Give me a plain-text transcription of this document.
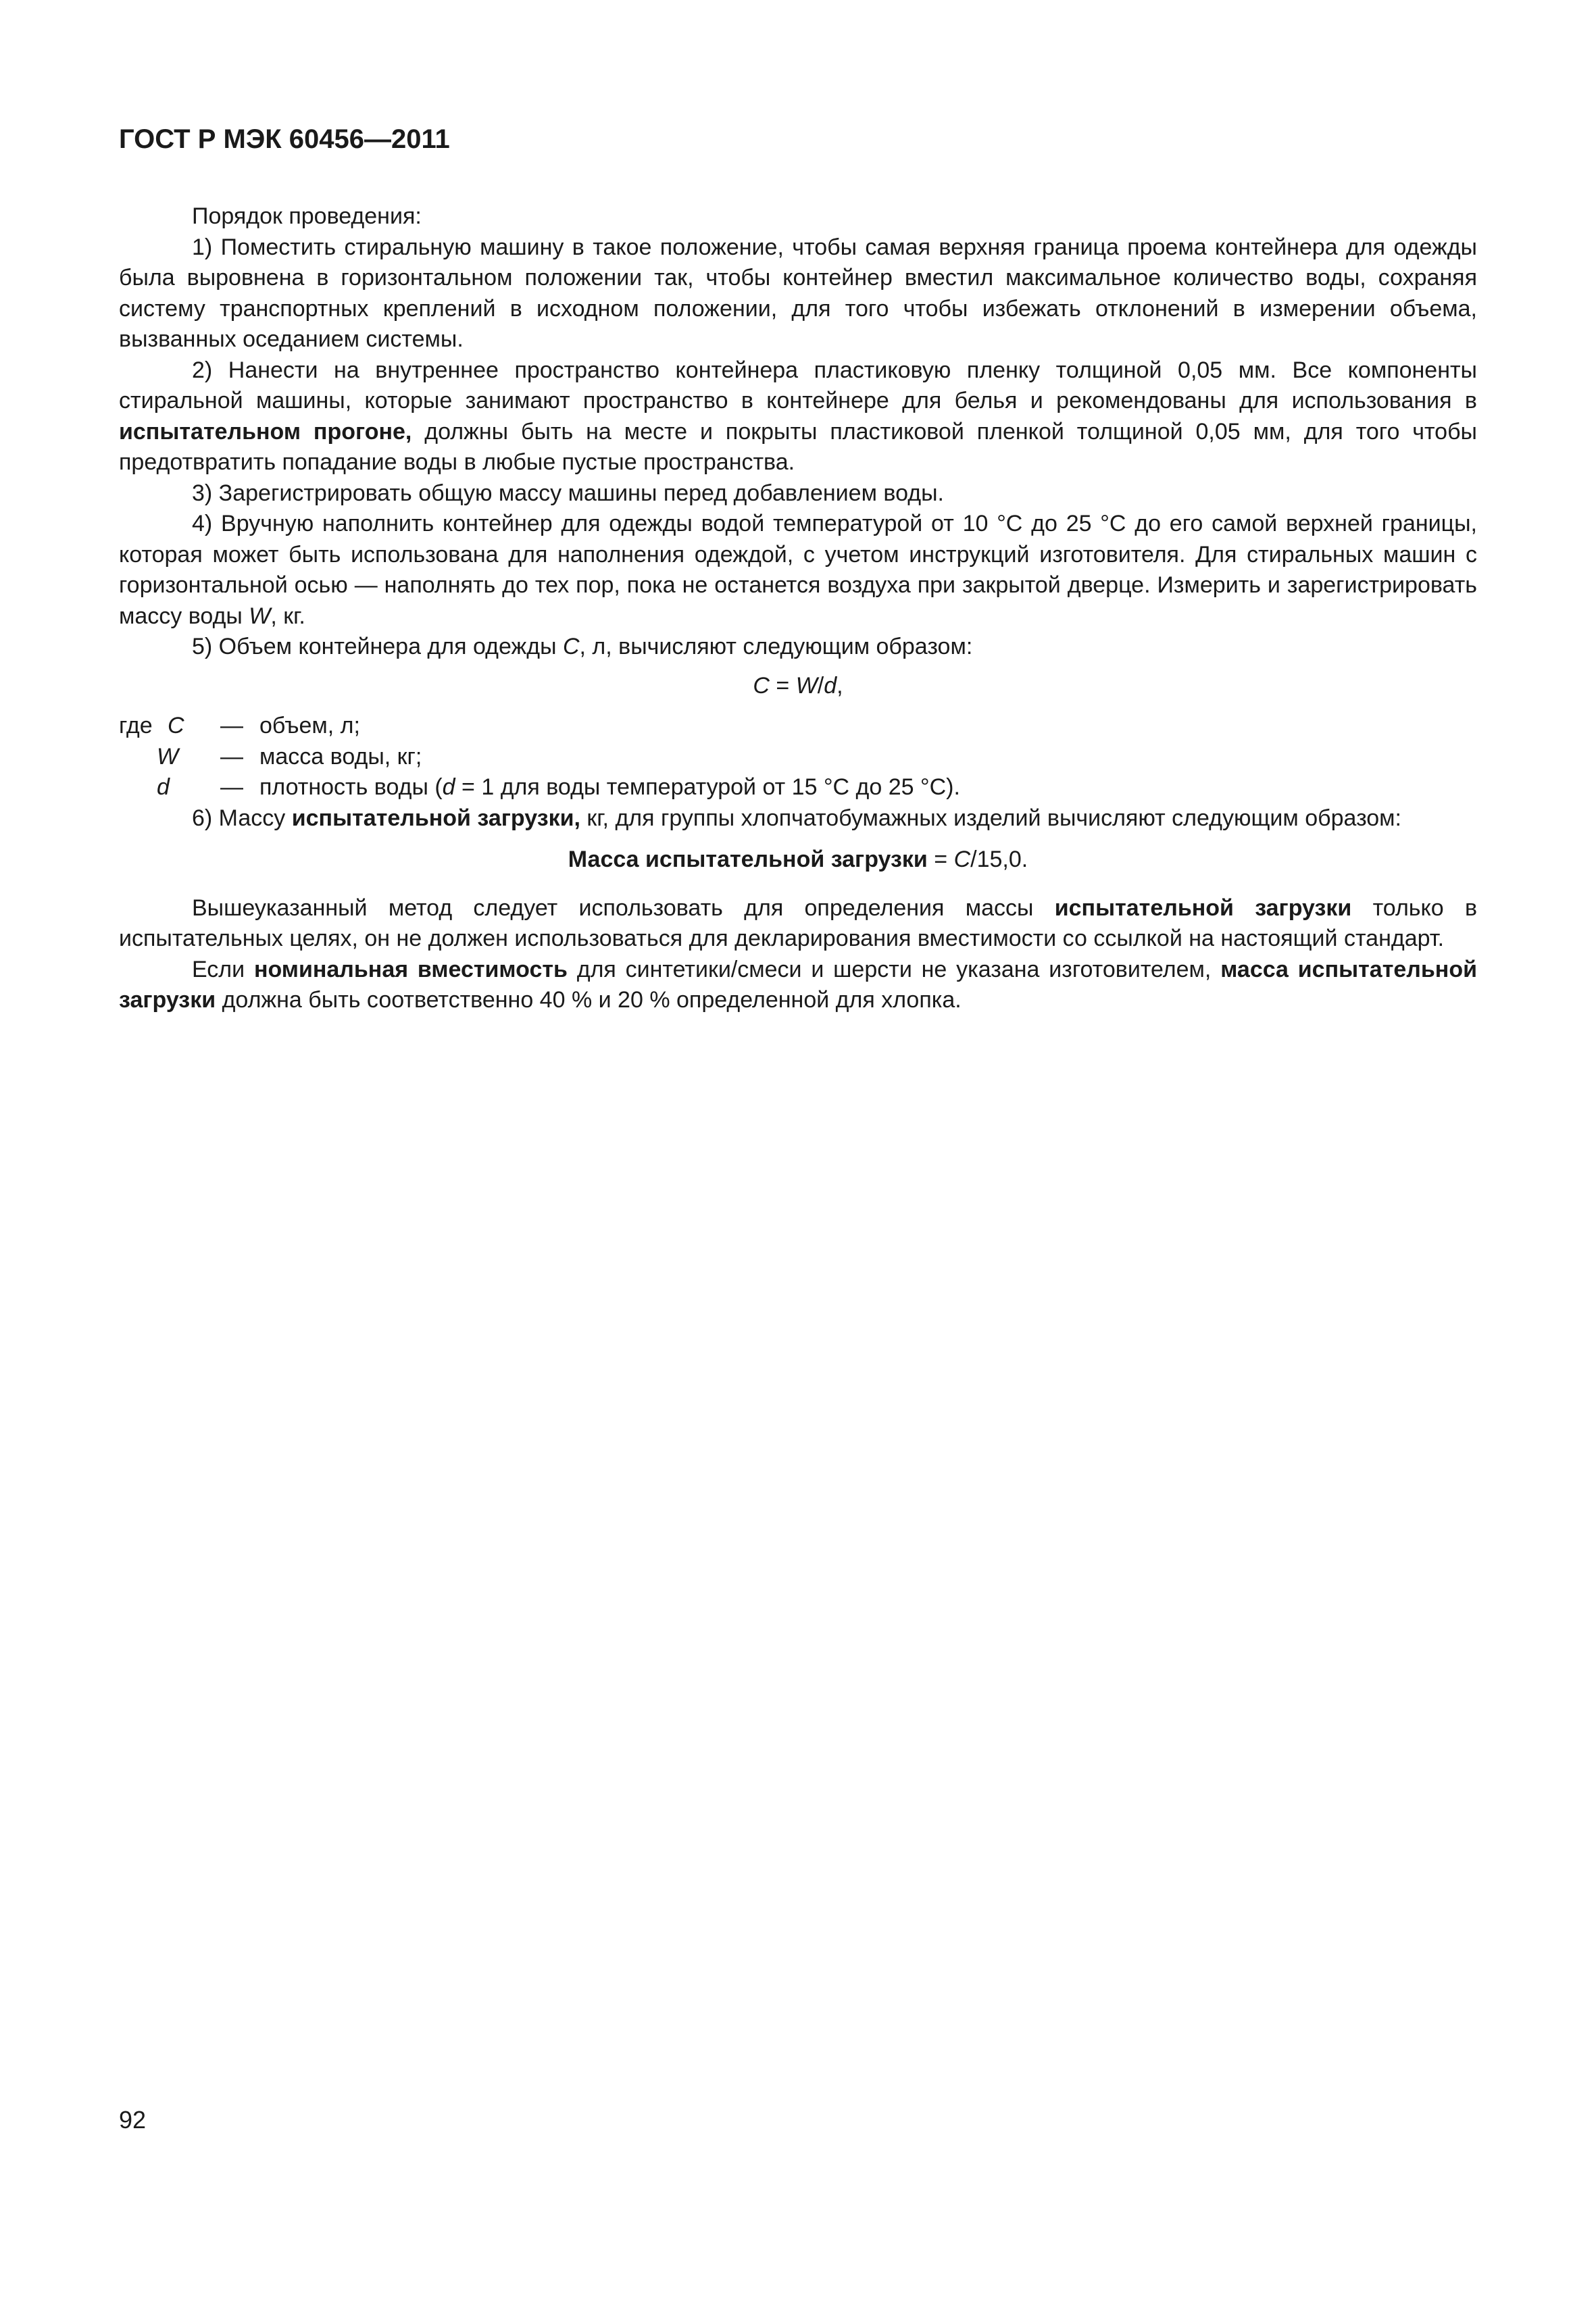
ГОСТ Р МЭК 60456—2011

Порядок проведения:

1) Поместить стиральную машину в такое положение, чтобы самая верхняя граница проема контейнера для одежды была выровнена в горизонтальном положении так, чтобы контейнер вместил максимальное количество воды, сохраняя систему транспортных креплений в исходном положении, для того чтобы избежать отклонений в измерении объема, вызванных оседанием системы.

2) Нанести на внутреннее пространство контейнера пластиковую пленку толщиной 0,05 мм. Все компоненты стиральной машины, которые занимают пространство в контейнере для белья и рекомендованы для использования в испытательном прогоне, должны быть на месте и покрыты пластиковой пленкой толщиной 0,05 мм, для того чтобы предотвратить попадание воды в любые пустые пространства.

3) Зарегистрировать общую массу машины перед добавлением воды.

4) Вручную наполнить контейнер для одежды водой температурой от 10 °С до 25 °С до его самой верхней границы, которая может быть использована для наполнения одеждой, с учетом инструкций изготовителя. Для стиральных машин с горизонтальной осью — наполнять до тех пор, пока не останется воздуха при закрытой дверце. Измерить и зарегистрировать массу воды W, кг.

5) Объем контейнера для одежды С, л, вычисляют следующим образом:

С = W/d,

где С — объем, л;
W — масса воды, кг;
d — плотность воды (d = 1 для воды температурой от 15 °С до 25 °С).

6) Массу испытательной загрузки, кг, для группы хлопчатобумажных изделий вычисляют следующим образом:

Масса испытательной загрузки = С/15,0.

Вышеуказанный метод следует использовать для определения массы испытательной загрузки только в испытательных целях, он не должен использоваться для декларирования вместимости со ссылкой на настоящий стандарт.

Если номинальная вместимость для синтетики/смеси и шерсти не указана изготовителем, масса испытательной загрузки должна быть соответственно 40 % и 20 % определенной для хлопка.

92
